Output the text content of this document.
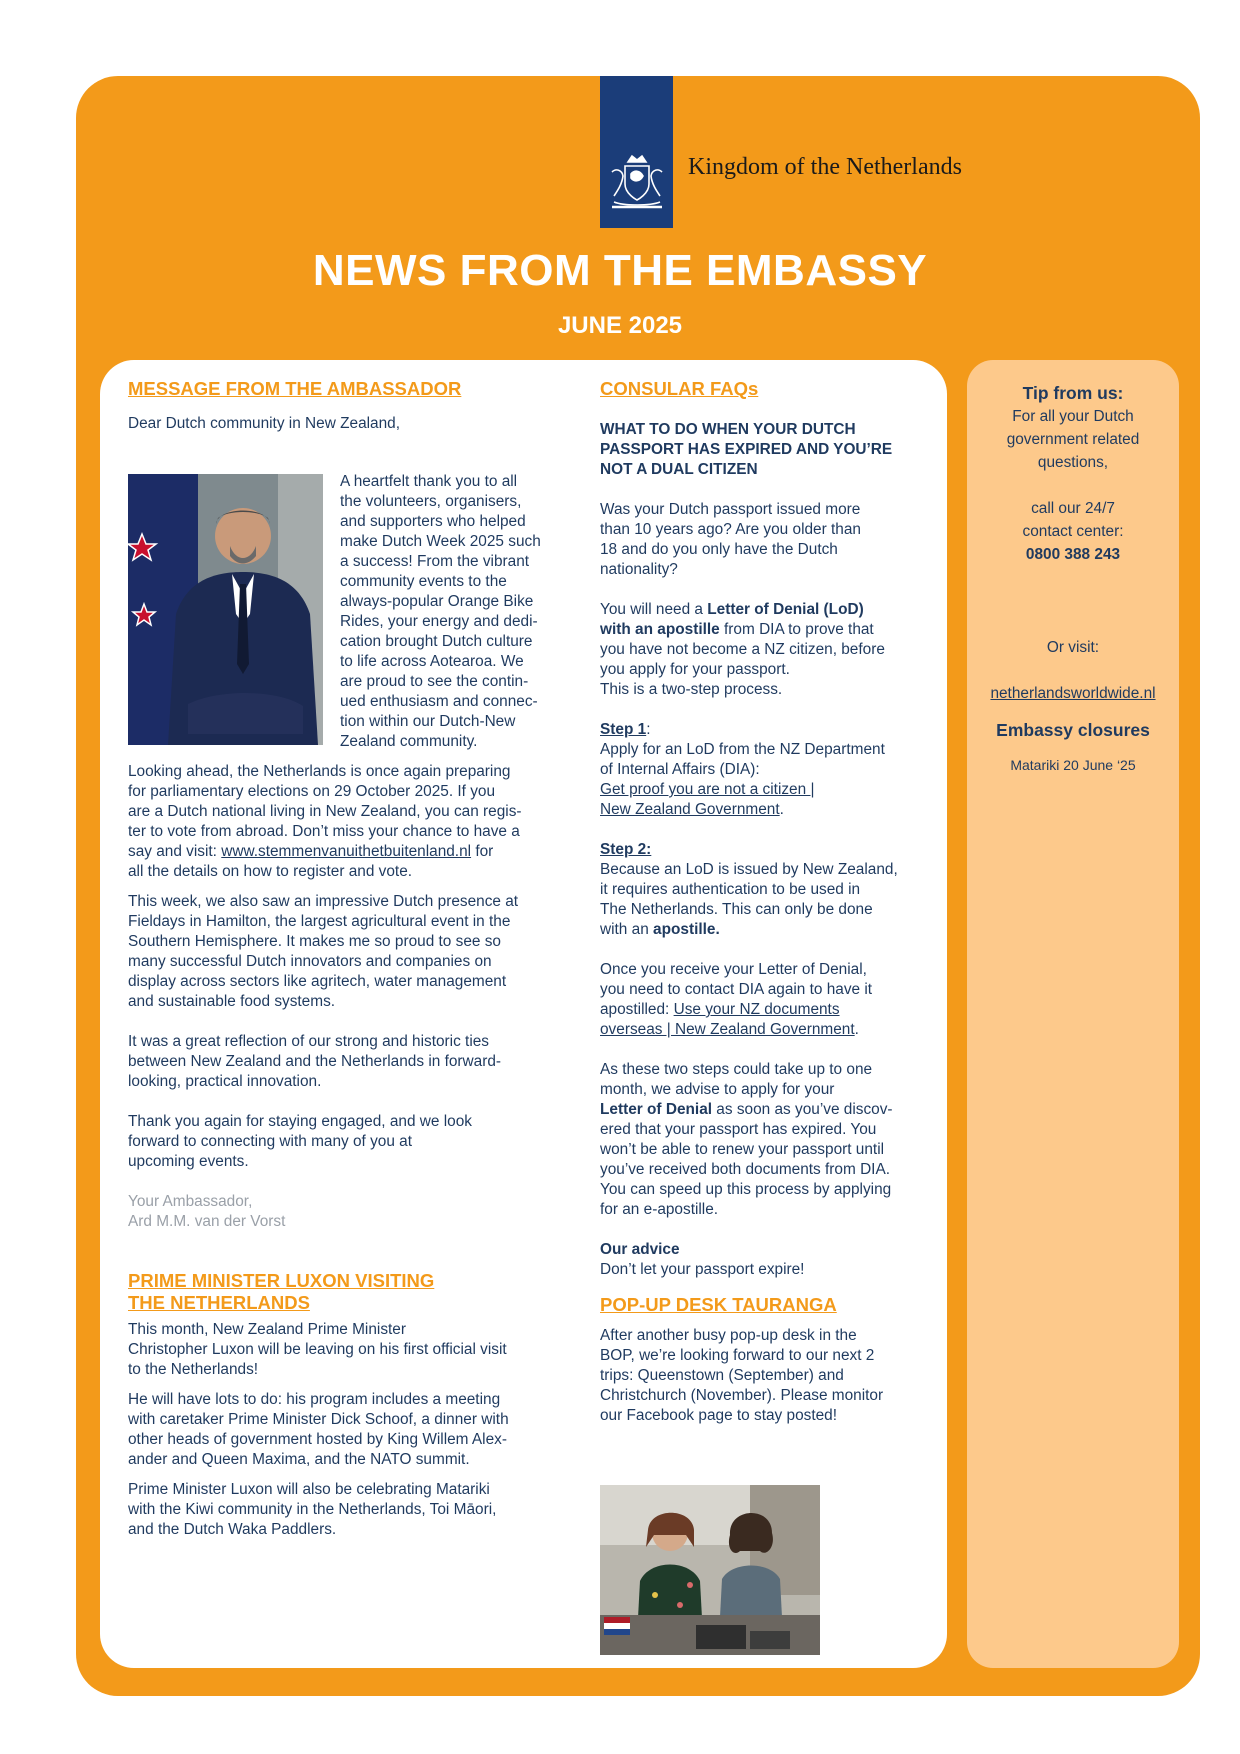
Kingdom of the Netherlands
NEWS FROM THE EMBASSY
JUNE 2025

MESSAGE FROM THE AMBASSADOR

Dear Dutch community in New Zealand,

A heartfelt thank you to all

the volunteers, organisers,

and supporters who helped

make Dutch Week 2025 such

a success! From the vibrant

community events to the

always-popular Orange Bike

Rides, your energy and dedi-

cation brought Dutch culture

to life across Aotearoa. We

are proud to see the contin-

ued enthusiasm and connec-

tion within our Dutch-New

Zealand community.

Looking ahead, the Netherlands is once again preparing

for parliamentary elections on 29 October 2025. If you

are a Dutch national living in New Zealand, you can regis-

ter to vote from abroad. Don’t miss your chance to have a

say and visit: www.stemmenvanuithetbuitenland.nl for

all the details on how to register and vote.

This week, we also saw an impressive Dutch presence at

Fieldays in Hamilton, the largest agricultural event in the

Southern Hemisphere. It makes me so proud to see so

many successful Dutch innovators and companies on

display across sectors like agritech, water management

and sustainable food systems.

It was a great reflection of our strong and historic ties

between New Zealand and the Netherlands in forward-

looking, practical innovation.

Thank you again for staying engaged, and we look

forward to connecting with many of you at

upcoming events.

Your Ambassador,

Ard M.M. van der Vorst

PRIME MINISTER LUXON VISITING

THE NETHERLANDS

This month, New Zealand Prime Minister

Christopher Luxon will be leaving on his first official visit

to the Netherlands!

He will have lots to do: his program includes a meeting

with caretaker Prime Minister Dick Schoof, a dinner with

other heads of government hosted by King Willem Alex-

ander and Queen Maxima, and the NATO summit.

Prime Minister Luxon will also be celebrating Matariki

with the Kiwi community in the Netherlands, Toi Māori,

and the Dutch Waka Paddlers.

CONSULAR FAQs

WHAT TO DO WHEN YOUR DUTCH

PASSPORT HAS EXPIRED AND YOU’RE

NOT A DUAL CITIZEN

Was your Dutch passport issued more

than 10 years ago? Are you older than

18 and do you only have the Dutch

nationality?

You will need a Letter of Denial (LoD)

with an apostille from DIA to prove that

you have not become a NZ citizen, before

you apply for your passport.

This is a two-step process.

Step 1:

Apply for an LoD from the NZ Department

of Internal Affairs (DIA):

Get proof you are not a citizen |

New Zealand Government.

Step 2:

Because an LoD is issued by New Zealand,

it requires authentication to be used in

The Netherlands. This can only be done

with an apostille.

Once you receive your Letter of Denial,

you need to contact DIA again to have it

apostilled: Use your NZ documents

overseas | New Zealand Government.

As these two steps could take up to one

month, we advise to apply for your

Letter of Denial as soon as you’ve discov-

ered that your passport has expired. You

won’t be able to renew your passport until

you’ve received both documents from DIA.

You can speed up this process by applying

for an e-apostille.

Our advice

Don’t let your passport expire!

POP-UP DESK TAURANGA

After another busy pop-up desk in the

BOP, we’re looking forward to our next 2

trips: Queenstown (September) and

Christchurch (November). Please monitor

our Facebook page to stay posted!

Tip from us:

For all your Dutch

government related

questions,

call our 24/7

contact center:

0800 388 243

Or visit:

netherlandsworldwide.nl

Embassy closures

Matariki 20 June ‘25
